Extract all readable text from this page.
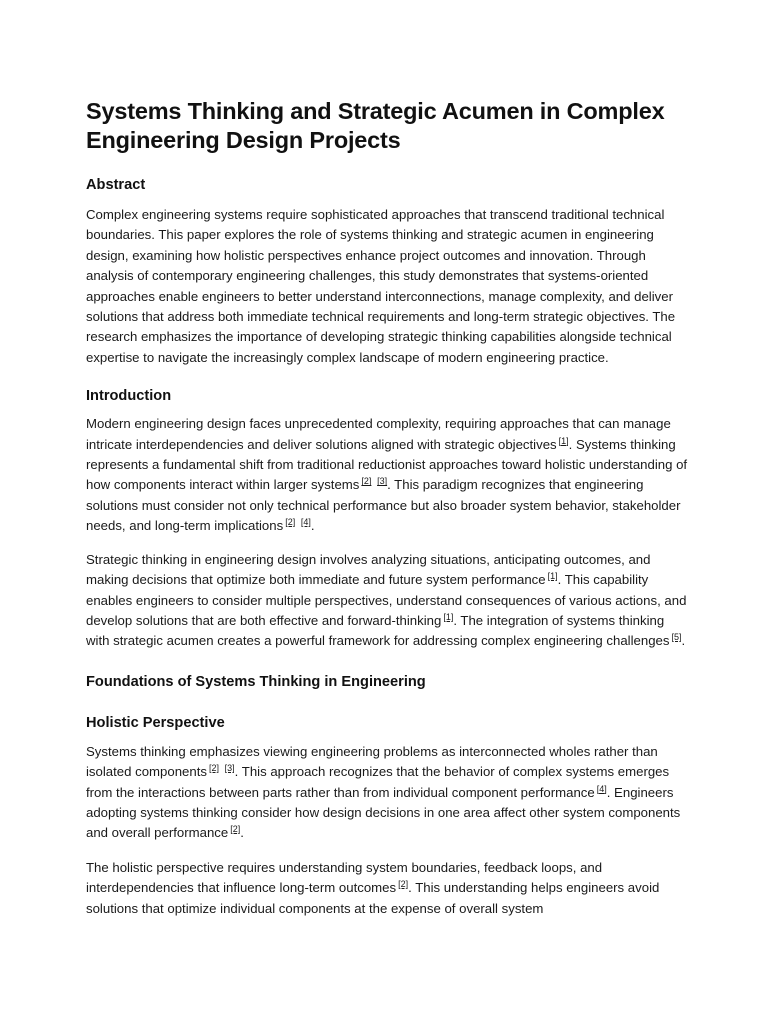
Systems Thinking and Strategic Acumen in Complex Engineering Design Projects
Abstract

Complex engineering systems require sophisticated approaches that transcend traditional technical boundaries. This paper explores the role of systems thinking and strategic acumen in engineering design, examining how holistic perspectives enhance project outcomes and innovation. Through analysis of contemporary engineering challenges, this study demonstrates that systems-oriented approaches enable engineers to better understand interconnections, manage complexity, and deliver solutions that address both immediate technical requirements and long-term strategic objectives. The research emphasizes the importance of developing strategic thinking capabilities alongside technical expertise to navigate the increasingly complex landscape of modern engineering practice.

Introduction

Modern engineering design faces unprecedented complexity, requiring approaches that can manage intricate interdependencies and deliver solutions aligned with strategic objectives [1]. Systems thinking represents a fundamental shift from traditional reductionist approaches toward holistic understanding of how components interact within larger systems [2] [3]. This paradigm recognizes that engineering solutions must consider not only technical performance but also broader system behavior, stakeholder needs, and long-term implications [2] [4].

Strategic thinking in engineering design involves analyzing situations, anticipating outcomes, and making decisions that optimize both immediate and future system performance [1]. This capability enables engineers to consider multiple perspectives, understand consequences of various actions, and develop solutions that are both effective and forward-thinking [1]. The integration of systems thinking with strategic acumen creates a powerful framework for addressing complex engineering challenges [5].

Foundations of Systems Thinking in Engineering
Holistic Perspective

Systems thinking emphasizes viewing engineering problems as interconnected wholes rather than isolated components [2] [3]. This approach recognizes that the behavior of complex systems emerges from the interactions between parts rather than from individual component performance [4]. Engineers adopting systems thinking consider how design decisions in one area affect other system components and overall performance [2].

The holistic perspective requires understanding system boundaries, feedback loops, and interdependencies that influence long-term outcomes [2]. This understanding helps engineers avoid solutions that optimize individual components at the expense of overall system
